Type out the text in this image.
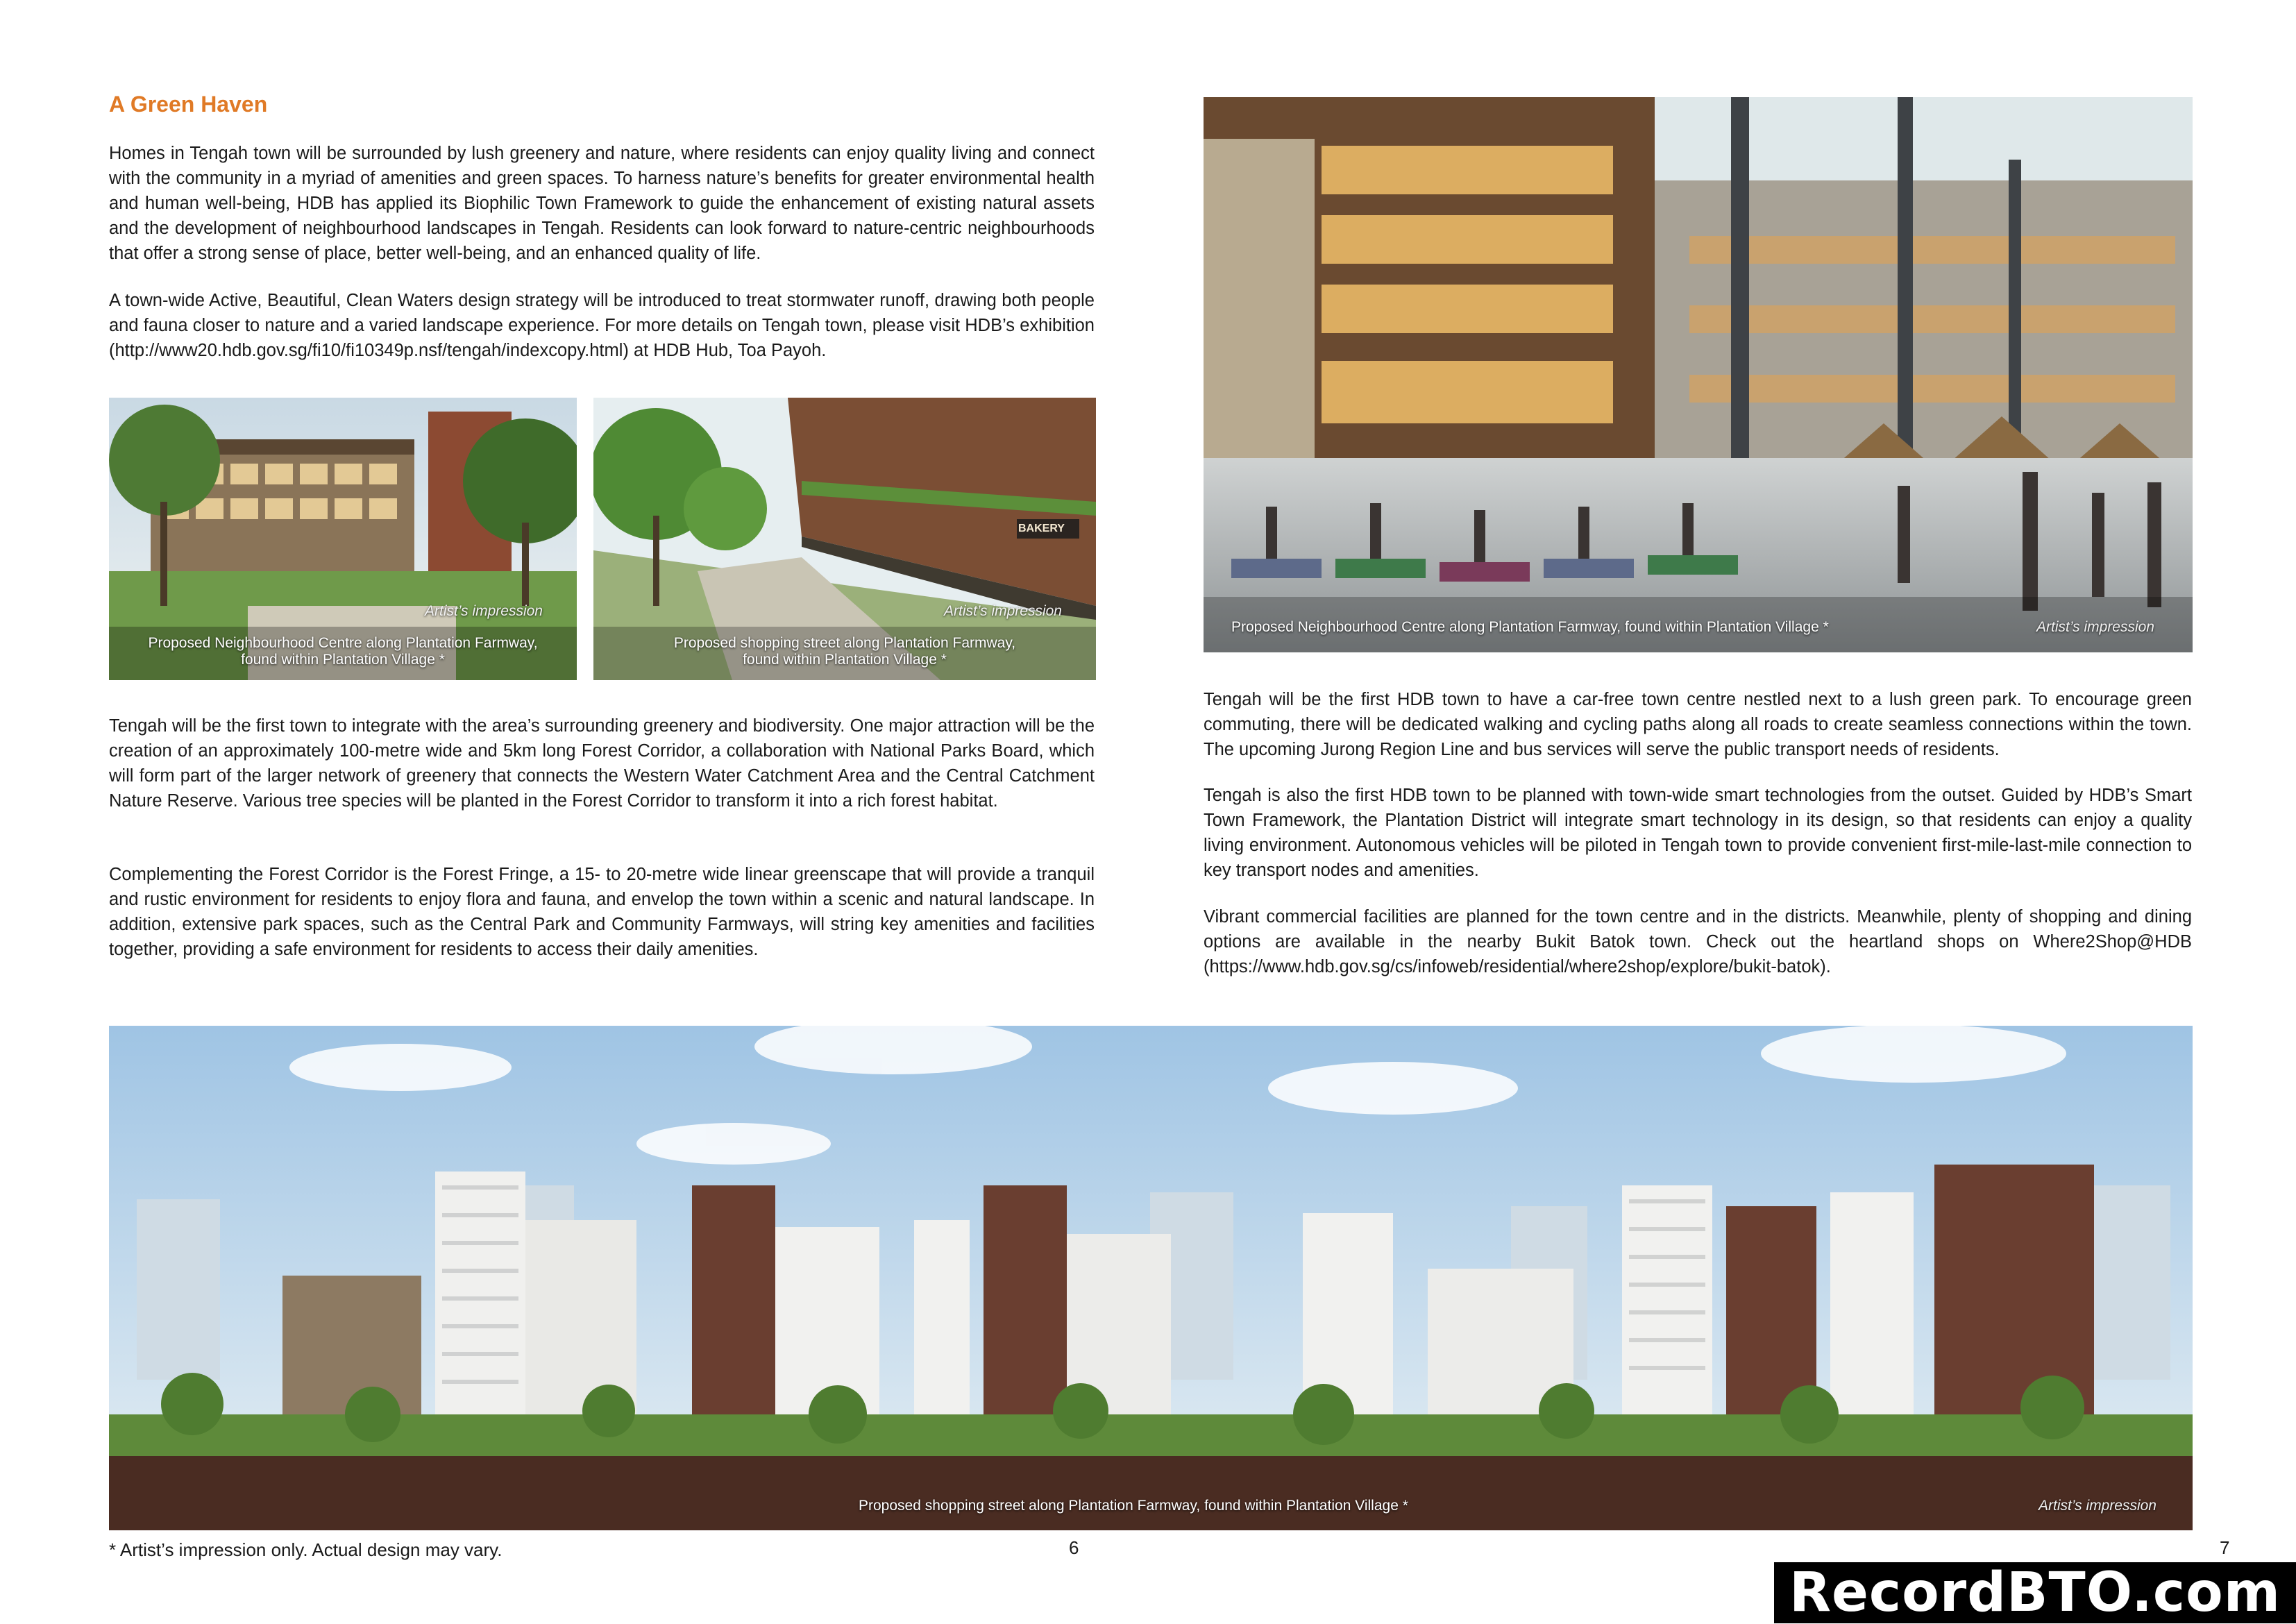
A Green Haven

Homes in Tengah town will be surrounded by lush greenery and nature, where residents can enjoy quality living and connect with the community in a myriad of amenities and green spaces. To harness nature’s benefits for greater environmental health and human well-being, HDB has applied its Biophilic Town Framework to guide the enhancement of existing natural assets and the development of neighbourhood landscapes in Tengah. Residents can look forward to nature-centric neighbourhoods that offer a strong sense of place, better well-being, and an enhanced quality of life.

A town-wide Active, Beautiful, Clean Waters design strategy will be introduced to treat stormwater runoff, drawing both people and fauna closer to nature and a varied landscape experience. For more details on Tengah town, please visit HDB’s exhibition (http://www20.hdb.gov.sg/fi10/fi10349p.nsf/tengah/indexcopy.html) at HDB Hub, Toa Payoh.

Artist’s impression
Proposed Neighbourhood Centre along Plantation Farmway,
found within Plantation Village *
BAKERY
Artist’s impression
Proposed shopping street along Plantation Farmway,
found within Plantation Village *

Tengah will be the first town to integrate with the area’s surrounding greenery and biodiversity. One major attraction will be the creation of an approximately 100-metre wide and 5km long Forest Corridor, a collaboration with National Parks Board, which will form part of the larger network of greenery that connects the Western Water Catchment Area and the Central Catchment Nature Reserve. Various tree species will be planted in the Forest Corridor to transform it into a rich forest habitat.

Complementing the Forest Corridor is the Forest Fringe, a 15- to 20-metre wide linear greenscape that will provide a tranquil and rustic environment for residents to enjoy flora and fauna, and envelop the town within a scenic and natural landscape. In addition, extensive park spaces, such as the Central Park and Community Farmways, will string key amenities and facilities together, providing a safe environment for residents to access their daily amenities.

Proposed Neighbourhood Centre along Plantation Farmway, found within Plantation Village *	Artist’s impression

Tengah will be the first HDB town to have a car-free town centre nestled next to a lush green park. To encourage green commuting, there will be dedicated walking and cycling paths along all roads to create seamless connections within the town. The upcoming Jurong Region Line and bus services will serve the public transport needs of residents.

Tengah is also the first HDB town to be planned with town-wide smart technologies from the outset. Guided by HDB’s Smart Town Framework, the Plantation District will integrate smart technology in its design, so that residents can enjoy a quality living environment. Autonomous vehicles will be piloted in Tengah town to provide convenient first-mile-last-mile connection to key transport nodes and amenities.

Vibrant commercial facilities are planned for the town centre and in the districts. Meanwhile, plenty of shopping and dining options are available in the nearby Bukit Batok town. Check out the heartland shops on Where2Shop@HDB (https://www.hdb.gov.sg/cs/infoweb/residential/where2shop/explore/bukit-batok).

Proposed shopping street along Plantation Farmway, found within Plantation Village *	Artist’s impression
* Artist’s impression only. Actual design may vary.	6	7
RecordBTO.com
